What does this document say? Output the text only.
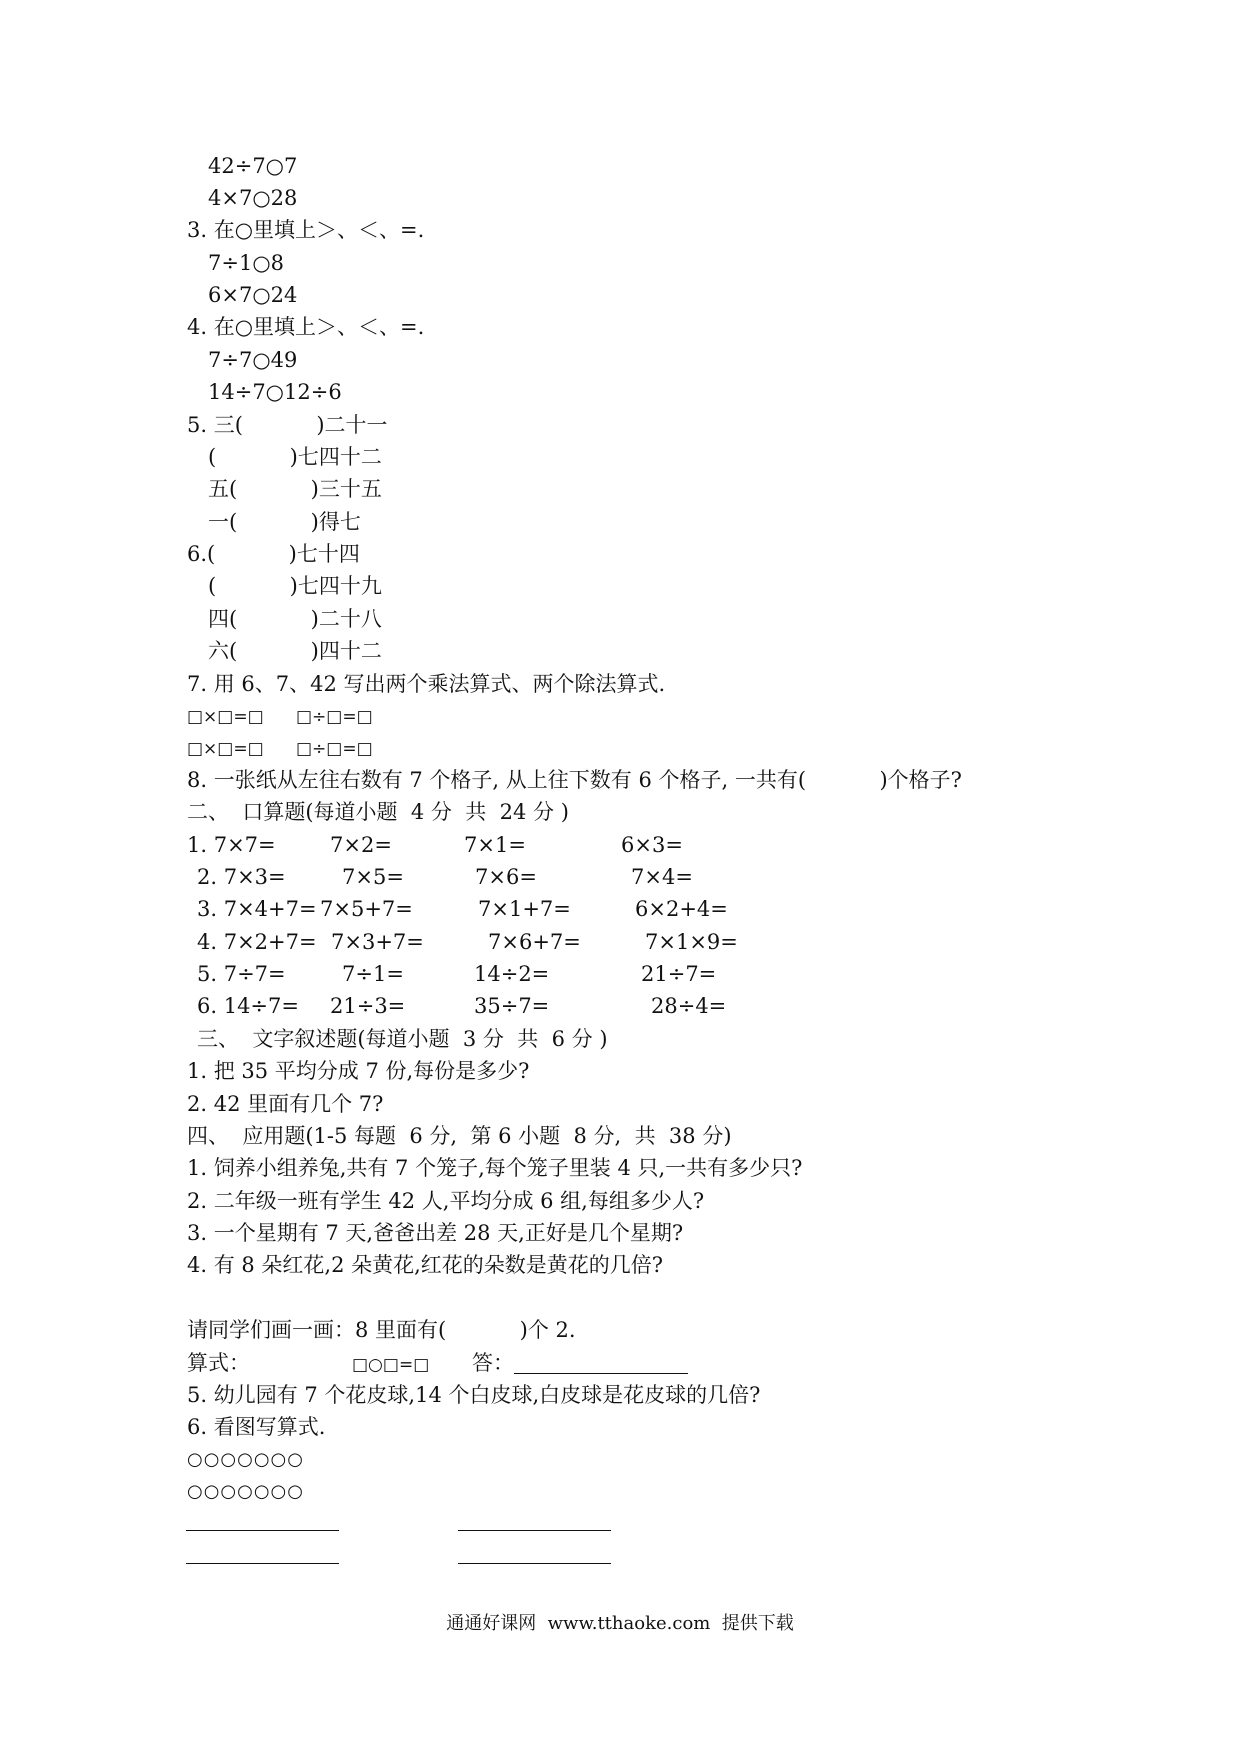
42÷7○7
4×7○28
3. 在○里填上＞、＜、=.
7÷1○8
6×7○24
4. 在○里填上＞、＜、=.
7÷7○49
14÷7○12÷6
5. 三(           )二十一
(           )七四十二
五(           )三十五
一(           )得七
6.(           )七十四
(           )七四十九
四(           )二十八
六(           )四十二
7. 用 6、7、42 写出两个乘法算式、两个除法算式.
□×□=□ □÷□=□
□×□=□ □÷□=□
8. 一张纸从左往右数有 7 个格子, 从上往下数有 6 个格子, 一共有(           )个格子?
二、  口算题(每道小题  4 分  共  24 分 )
1. 7×7=	7×2=	7×1=	6×3=
2. 7×3=	7×5=	7×6=	7×4=
3. 7×4+7= 7×5+7=	7×1+7=	6×2+4=
4. 7×2+7= 7×3+7=	7×6+7=	7×1×9=
5. 7÷7=	7÷1=	14÷2=	21÷7=
6. 14÷7= 21÷3=	35÷7=	28÷4=
三、  文字叙述题(每道小题  3 分  共  6 分 )
1. 把 35 平均分成 7 份,每份是多少?
2. 42 里面有几个 7?
四、  应用题(1-5 每题  6 分,  第 6 小题  8 分,  共  38 分)
1. 饲养小组养兔,共有 7 个笼子,每个笼子里装 4 只,一共有多少只?
2. 二年级一班有学生 42 人,平均分成 6 组,每组多少人?
3. 一个星期有 7 天,爸爸出差 28 天,正好是几个星期?
4. 有 8 朵红花,2 朵黄花,红花的朵数是黄花的几倍?
请同学们画一画：8 里面有(           )个 2.
算式：	□○□=□ 答：
5. 幼儿园有 7 个花皮球,14 个白皮球,白皮球是花皮球的几倍?
6. 看图写算式.
○○○○○○○
○○○○○○○
通通好课网  www.tthaoke.com  提供下载
